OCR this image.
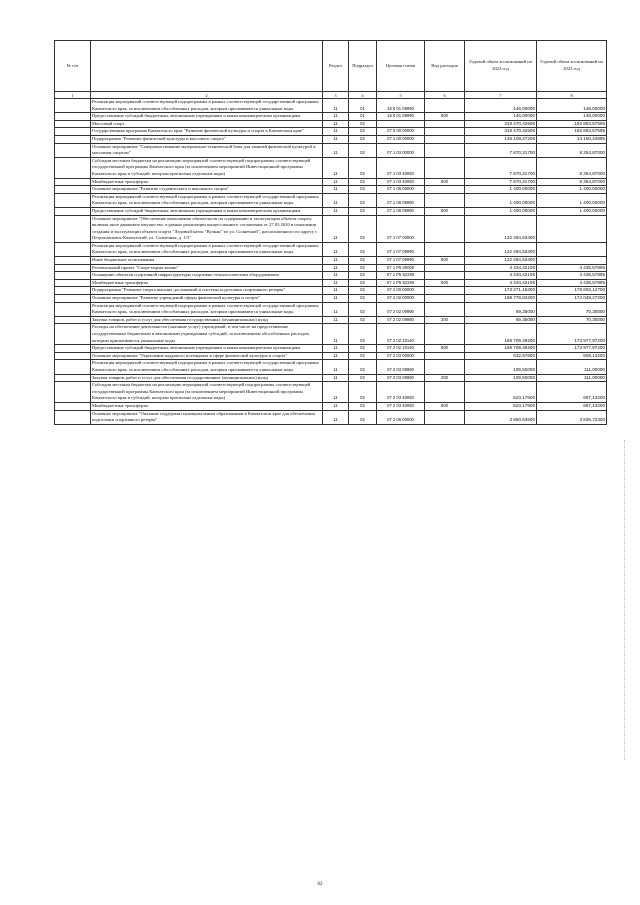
№ п/п		Раздел	Подраздел	Целевая статья	Вид расходов	Годовой объем ассигнований на 2022 год	Годовой объем ассигнований на 2023 год
1	2	3	4	5	6	7	8
	Реализация мероприятий соответствующей подпрограммы в рамках соответствующей государственной программы Камчатского края, за исключением обособленных расходов, которым присваиваются уникальные коды	11	01	16 6 01 09990		146,00000	148,00000
	Предоставление субсидий бюджетным, автономным учреждениям и иным некоммерческим организациям	11	01	16 6 01 09990	600	146,00000	148,00000
	Массовый спорт	11	02			319 470,42506	192 883,57595
	Государственная программа Камчатского края "Развитие физической культуры и спорта в Камчатском крае"	11	02	07 0 00 00000		319 470,42506	192 883,57595
	Подпрограмма "Развитие физической культуры и массового спорта"	11	02	07 1 00 00000		146 109,27206	14 150,44895
	Основное мероприятие "Совершенствование материально-технической базы для занятий физической культурой и массовым спортом"	11	02	07 1 03 00000		7 870,31700	8 354,87000
	Субсидии местным бюджетам на реализацию мероприятий соответствующей подпрограммы соответствующей государственной программы Камчатского края (за исключением мероприятий Инвестиционной программы Камчатского края и субсидий, которым присвоены отдельные коды)	11	02	07 1 03 40060		7 870,31700	8 354,87000
	Межбюджетные трансферты	11	02	07 1 03 40060	500	7 870,31700	8 354,87000
	Основное мероприятие "Развитие студенческого и школьного спорта"	11	02	07 1 06 00000		1 400,00000	1 400,00000
	Реализация мероприятий соответствующей подпрограммы в рамках соответствующей государственной программы Камчатского края, за исключением обособленных расходов, которым присваиваются уникальные коды	11	02	07 1 06 09990		1 400,00000	1 400,00000
	Предоставление субсидий бюджетным, автономным учреждениям и иным некоммерческим организациям	11	02	07 1 06 09990	600	1 400,00000	1 400,00000
	Основное мероприятие "Обеспечение выполнения обязательств по содержанию и эксплуатации объекта спорта, включая иное движимое имущество, в рамках реализации концессионного соглашения от 27.03.2020 в отношении создания и эксплуатации объекта спорта "Ледовый каток "Вулкан" по ул. Солнечной", расположенного по адресу г. Петропавловск-Камчатский, ул. Солнечная, д. 1/5"	11	02	07 1 07 00000		132 494,53400	
	Реализация мероприятий соответствующей подпрограммы в рамках соответствующей государственной программы Камчатского края, за исключением обособленных расходов, которым присваиваются уникальные коды	11	02	07 1 07 09990		132 494,53400	
	Иные бюджетные ассигнования	11	02	07 1 07 09990	800	132 494,53400	
	Региональный проект "Спорт-норма жизни"	11	02	07 1 P5 00000		4 434,42106	4 435,57895
	Оснащение объектов спортивной инфраструктуры спортивно-технологическим оборудованием	11	02	07 1 P5 52280		4 434,42106	4 435,57895
	Межбюджетные трансферты	11	02	07 1 P5 52280	500	4 434,42106	4 435,57895
	Подпрограмма "Развитие спорта высших достижений и системы подготовки спортивного резерва"	11	02	07 2 00 00000		173 271,15300	178 693,12700
	Основное мероприятие "Развитие учреждений сферы физической культуры и спорта"	11	02	07 2 02 00000		168 778,84200	174 048,27200
	Реализация мероприятий соответствующей подпрограммы в рамках соответствующей государственной программы Камчатского края, за исключением обособленных расходов, которым присваиваются уникальные коды	11	02	07 2 02 09990		69,35000	70,30000
	Закупка товаров, работ и услуг для обеспечения государственных (муниципальных) нужд	11	02	07 2 02 09990	200	69,35000	70,30000
	Расходы на обеспечение деятельности (оказание услуг) учреждений, в том числе на предоставление государственным бюджетным и автономным учреждениям субсидий, за исключением обособленных расходов, которым присваиваются уникальные коды	11	02	07 2 02 10140		168 709,49200	173 977,97200
	Предоставление субсидий бюджетным, автономным учреждениям и иным некоммерческим организациям	11	02	07 2 02 10140	600	168 709,49200	173 977,97200
	Основное мероприятие "Укрепление кадрового потенциала в сфере физической культуры и спорта"	11	02	07 2 03 00000		632,67600	808,13200
	Реализация мероприятий соответствующей подпрограммы в рамках соответствующей государственной программы Камчатского края, за исключением обособленных расходов, которым присваиваются уникальные коды	11	02	07 2 03 09990		109,50000	111,00000
	Закупка товаров, работ и услуг для обеспечения государственных (муниципальных) нужд	11	02	07 2 03 09990	200	109,50000	111,00000
	Субсидии местным бюджетам на реализацию мероприятий соответствующей подпрограммы соответствующей государственной программы Камчатского края (за исключением мероприятий Инвестиционной программы Камчатского края и субсидий, которым присвоены отдельные коды)	11	02	07 2 03 40060		523,17600	697,13200
	Межбюджетные трансферты	11	02	07 2 03 40060	500	523,17600	697,13200
	Основное мероприятие "Оказание поддержки муниципальным образованиям в Камчатском крае для обеспечения подготовки спортивного резерва"	11	02	07 2 06 00000		3 850,63500	3 836,72300
62
